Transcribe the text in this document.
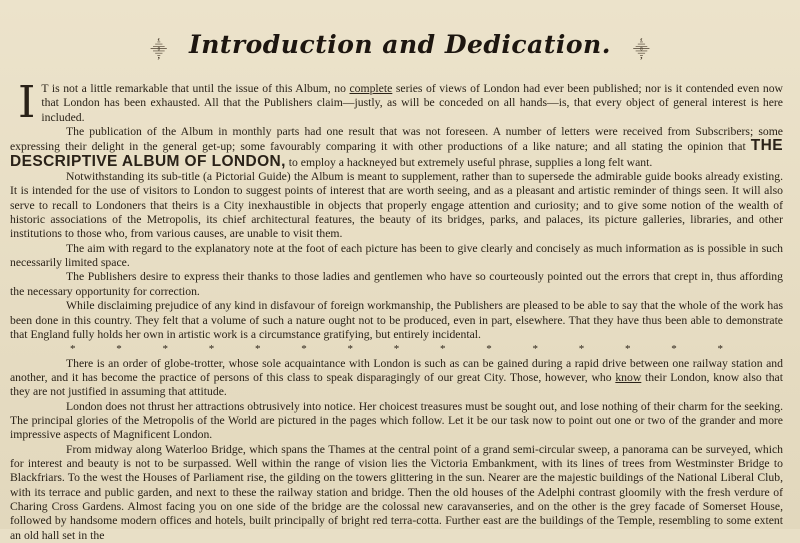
⸎ Introduction and Dedication. ⸎

I T is not a little remarkable that until the issue of this Album, no complete series of views of London had ever been published; nor is it contended even now that London has been exhausted. All that the Publishers claim—justly, as will be conceded on all hands—is, that every object of general interest is here included.

The publication of the Album in monthly parts had one result that was not foreseen. A number of letters were received from Subscribers; some expressing their delight in the general get-up; some favourably comparing it with other productions of a like nature; and all stating the opinion that THE DESCRIPTIVE ALBUM OF LONDON, to employ a hackneyed but extremely useful phrase, supplies a long felt want.

Notwithstanding its sub-title (a Pictorial Guide) the Album is meant to supplement, rather than to supersede the admirable guide books already existing. It is intended for the use of visitors to London to suggest points of interest that are worth seeing, and as a pleasant and artistic reminder of things seen. It will also serve to recall to Londoners that theirs is a City inexhaustible in objects that properly engage attention and curiosity; and to give some notion of the wealth of historic associations of the Metropolis, its chief architectural features, the beauty of its bridges, parks, and palaces, its picture galleries, libraries, and other institutions to those who, from various causes, are unable to visit them.

The aim with regard to the explanatory note at the foot of each picture has been to give clearly and concisely as much information as is possible in such necessarily limited space.

The Publishers desire to express their thanks to those ladies and gentlemen who have so courteously pointed out the errors that crept in, thus affording the necessary opportunity for correction.

While disclaiming prejudice of any kind in disfavour of foreign workmanship, the Publishers are pleased to be able to say that the whole of the work has been done in this country. They felt that a volume of such a nature ought not to be produced, even in part, elsewhere. That they have thus been able to demonstrate that England fully holds her own in artistic work is a circumstance gratifying, but entirely incidental.

*	*	*	*	*	*	*	*	*	*	*	*	*	*	*

There is an order of globe-trotter, whose sole acquaintance with London is such as can be gained during a rapid drive between one railway station and another, and it has become the practice of persons of this class to speak disparagingly of our great City. Those, however, who know their London, know also that they are not justified in assuming that attitude.

London does not thrust her attractions obtrusively into notice. Her choicest treasures must be sought out, and lose nothing of their charm for the seeking. The principal glories of the Metropolis of the World are pictured in the pages which follow. Let it be our task now to point out one or two of the grander and more impressive aspects of Magnificent London.

From midway along Waterloo Bridge, which spans the Thames at the central point of a grand semi-circular sweep, a panorama can be surveyed, which for interest and beauty is not to be surpassed. Well within the range of vision lies the Victoria Embankment, with its lines of trees from Westminster Bridge to Blackfriars. To the west the Houses of Parliament rise, the gilding on the towers glittering in the sun. Nearer are the majestic buildings of the National Liberal Club, with its terrace and public garden, and next to these the railway station and bridge. Then the old houses of the Adelphi contrast gloomily with the fresh verdure of Charing Cross Gardens. Almost facing you on one side of the bridge are the colossal new caravanseries, and on the other is the grey facade of Somerset House, followed by handsome modern offices and hotels, built principally of bright red terra-cotta. Further east are the buildings of the Temple, resembling to some extent an old hall set in the
